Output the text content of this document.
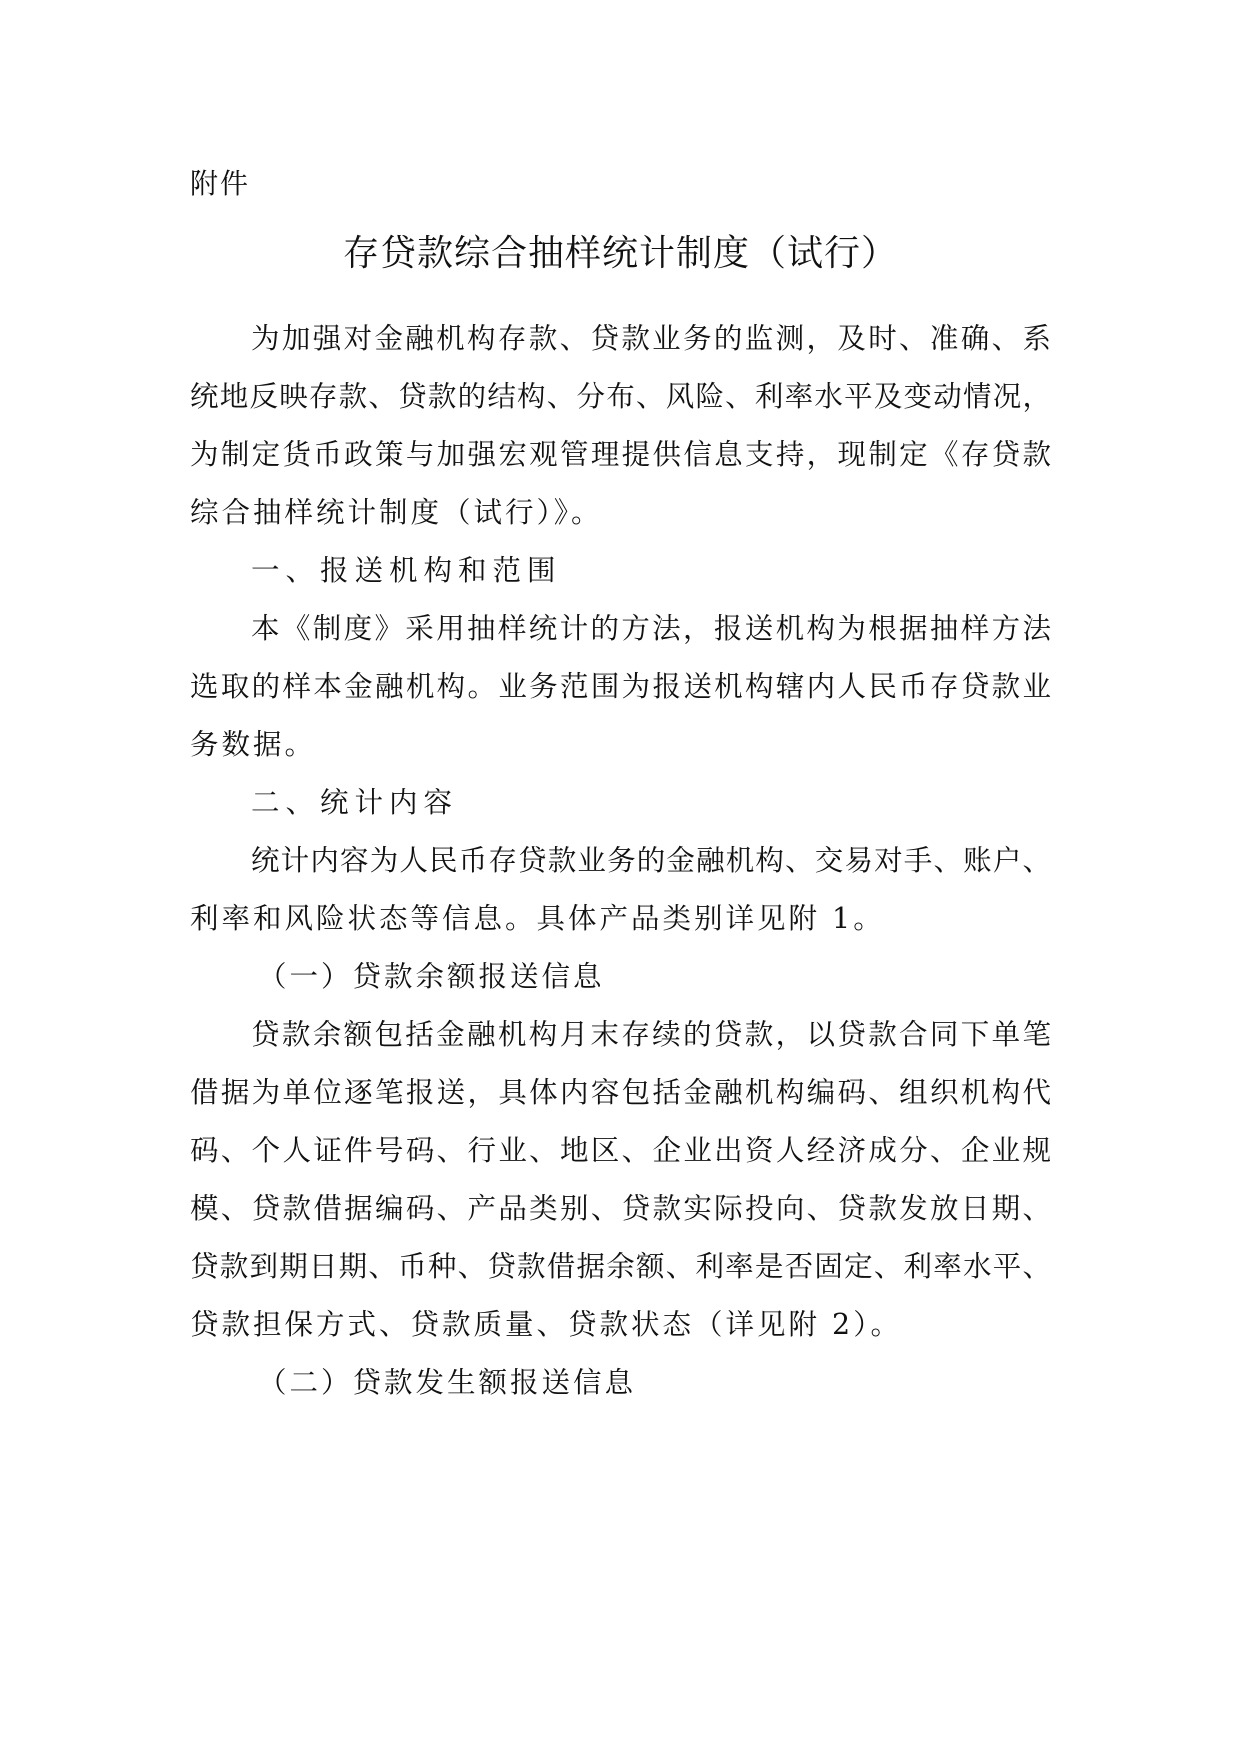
附件
存贷款综合抽样统计制度（试行）
为加强对金融机构存款、贷款业务的监测，及时、准确、系
统地反映存款、贷款的结构、分布、风险、利率水平及变动情况，
为制定货币政策与加强宏观管理提供信息支持，现制定《存贷款
综合抽样统计制度（试行）》。
一、报送机构和范围
本《制度》采用抽样统计的方法，报送机构为根据抽样方法
选取的样本金融机构。业务范围为报送机构辖内人民币存贷款业
务数据。
二、统计内容
统计内容为人民币存贷款业务的金融机构、交易对手、账户、
利率和风险状态等信息。具体产品类别详见附 1。
（一）贷款余额报送信息
贷款余额包括金融机构月末存续的贷款，以贷款合同下单笔
借据为单位逐笔报送，具体内容包括金融机构编码、组织机构代
码、个人证件号码、行业、地区、企业出资人经济成分、企业规
模、贷款借据编码、产品类别、贷款实际投向、贷款发放日期、
贷款到期日期、币种、贷款借据余额、利率是否固定、利率水平、
贷款担保方式、贷款质量、贷款状态（详见附 2）。
（二）贷款发生额报送信息
